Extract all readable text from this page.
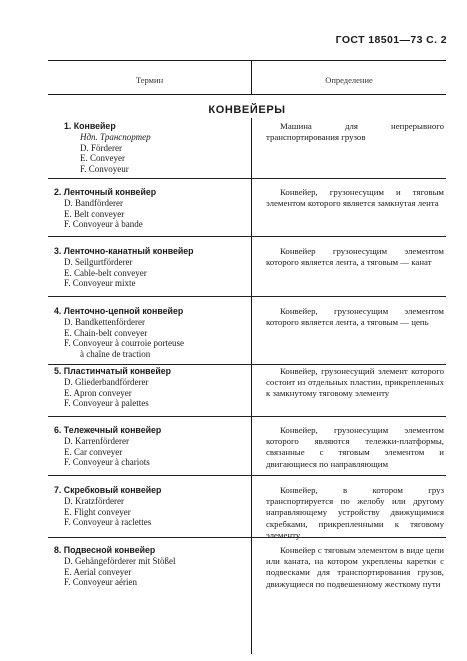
ГОСТ 18501—73 С. 2
Термин	Определение
КОНВЕЙЕРЫ
1. Конвейер
Ндп. Транспортер
D. Förderer
E. Conveyer
F. Convoyeur
Машина для непрерывного транспортирования грузов
2. Ленточный конвейер
D. Bandförderer
E. Belt conveyer
F. Convoyeur à bande
Конвейер, грузонесущим и тяговым элементом которого является замкнутая лента
3. Ленточно-канатный конвейер
D. Seilgurtförderer
E. Cable-belt conveyer
F. Convoyeur mixte
Конвейер грузонесущим элементом которого является лента, а тяговым — канат
4. Ленточно-цепной конвейер
D. Bandkettenförderer
E. Chain-belt conveyer
F. Convoyeur à courroie porteuse
à chaîne de traction
Конвейер, грузонесущим элементом которого является лента, а тяговым — цепь
5. Пластинчатый конвейер
D. Gliederbandförderer
E. Apron conveyer
F. Convoyeur à palettes
Конвейер, грузонесущий элемент которого состоит из отдельных пластин, прикрепленных к замкнутому тяговому элементу
6. Тележечный конвейер
D. Karrenförderer
E. Car conveyer
F. Convoyeur à chariots
Конвейер, грузонесущим элементом которого являются тележки-платформы, связанные с тяговым элементом и двигающиеся по направляющим
7. Скребковый конвейер
D. Kratzförderer
E. Flight conveyer
F. Convoyeur à raclettes
Конвейер, в котором груз транспортируется по желобу или другому направляющему устройству движущимися скребками, прикрепленными к тяговому элементу
8. Подвесной конвейер
D. Gehängeförderer mit Stößel
E. Aerial conveyer
F. Convoyeur aérien
Конвейер с тяговым элементом в виде цепи или каната, на котором укреплены каретки с подвесками для транспортирования грузов, движущиеся по подвешенному жесткому пути
